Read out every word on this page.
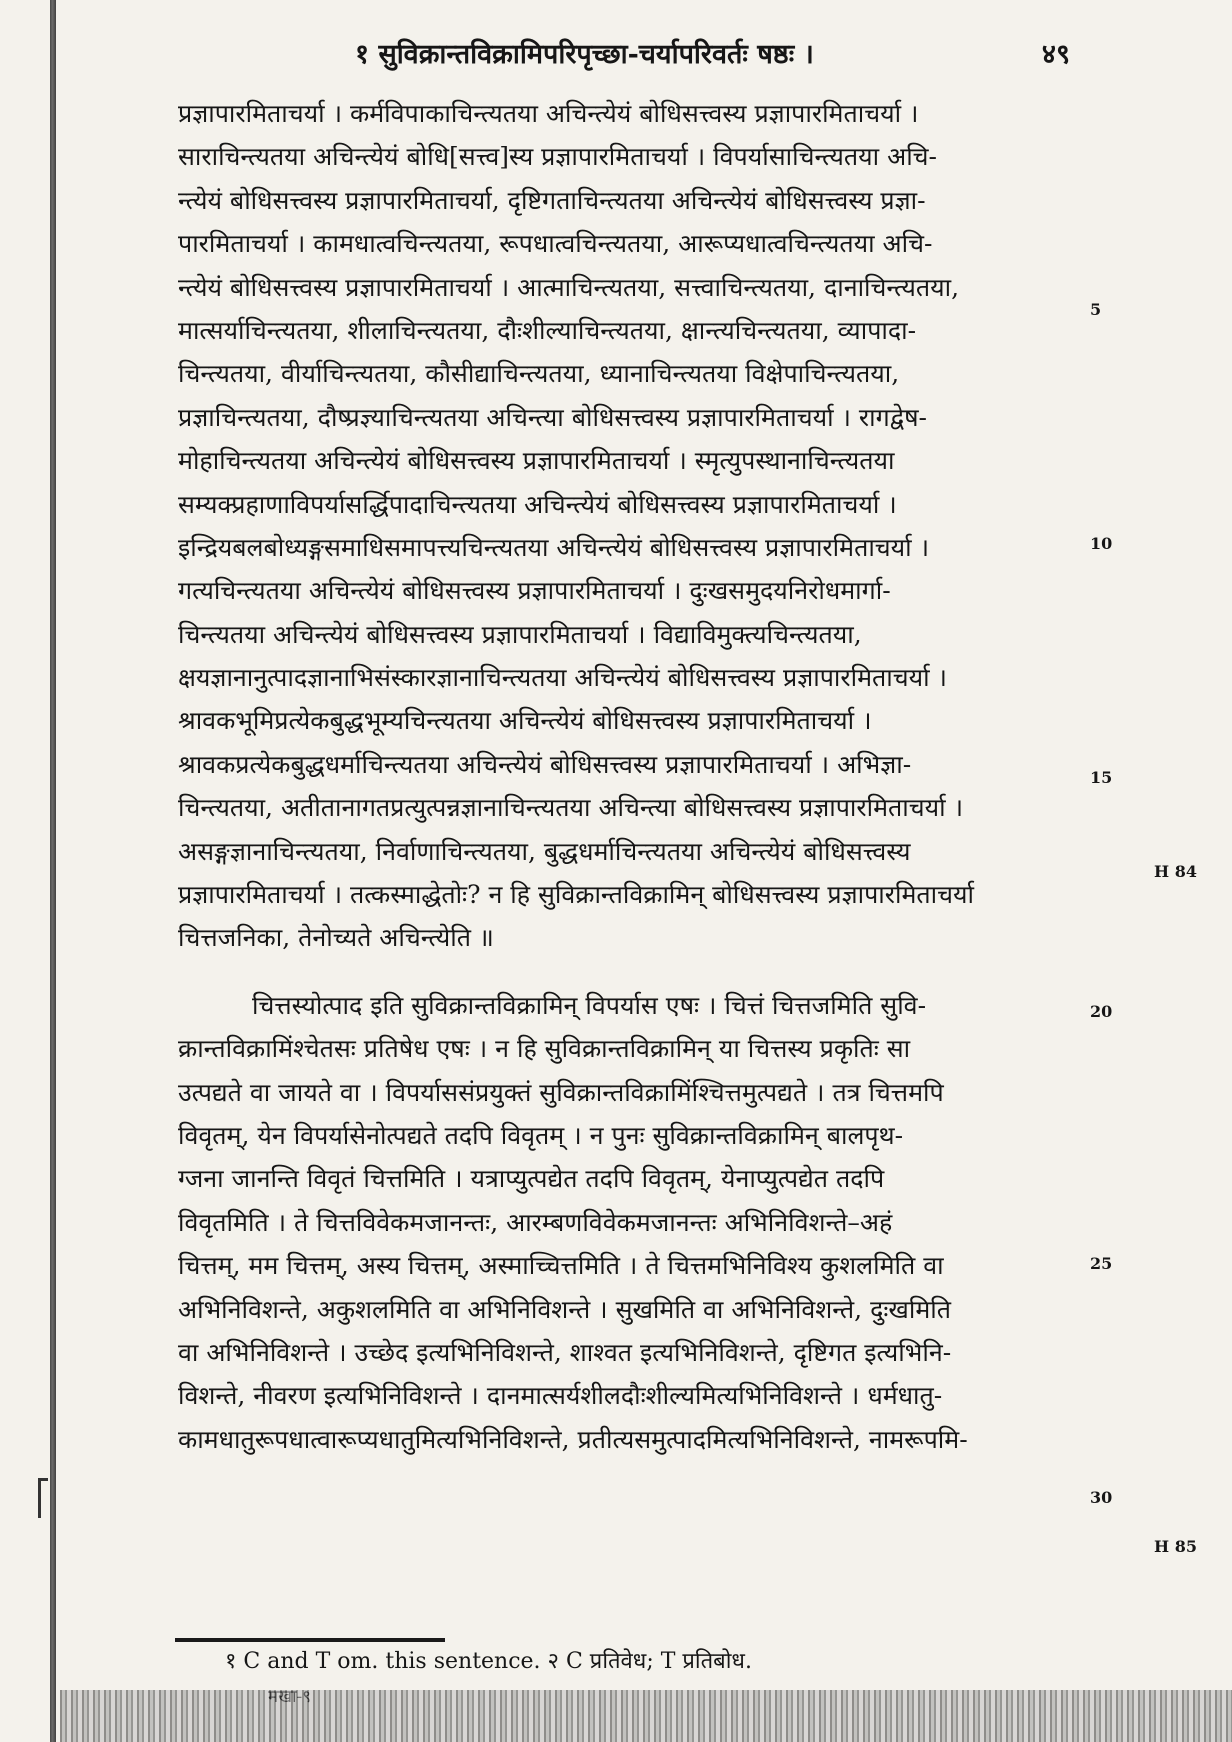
१ सुविक्रान्तविक्रामिपरिपृच्छा-चर्यापरिवर्तः षष्ठः ।	४९
प्रज्ञापारमिताचर्या । कर्मविपाकाचिन्त्यतया अचिन्त्येयं बोधिसत्त्वस्य प्रज्ञापारमिताचर्या ।
साराचिन्त्यतया अचिन्त्येयं बोधि[सत्त्व]स्य प्रज्ञापारमिताचर्या । विपर्यासाचिन्त्यतया अचि-
न्त्येयं बोधिसत्त्वस्य प्रज्ञापारमिताचर्या, दृष्टिगताचिन्त्यतया अचिन्त्येयं बोधिसत्त्वस्य प्रज्ञा-
पारमिताचर्या । कामधात्वचिन्त्यतया, रूपधात्वचिन्त्यतया, आरूप्यधात्वचिन्त्यतया अचि-
न्त्येयं बोधिसत्त्वस्य प्रज्ञापारमिताचर्या । आत्माचिन्त्यतया, सत्त्वाचिन्त्यतया, दानाचिन्त्यतया,
मात्सर्याचिन्त्यतया, शीलाचिन्त्यतया, दौःशील्याचिन्त्यतया, क्षान्त्यचिन्त्यतया, व्यापादा-
चिन्त्यतया, वीर्याचिन्त्यतया, कौसीद्याचिन्त्यतया, ध्यानाचिन्त्यतया विक्षेपाचिन्त्यतया,
प्रज्ञाचिन्त्यतया, दौष्प्रज्ञ्याचिन्त्यतया अचिन्त्या बोधिसत्त्वस्य प्रज्ञापारमिताचर्या । रागद्वेष-
मोहाचिन्त्यतया अचिन्त्येयं बोधिसत्त्वस्य प्रज्ञापारमिताचर्या । स्मृत्युपस्थानाचिन्त्यतया
सम्यक्प्रहाणाविपर्यासर्द्धिपादाचिन्त्यतया अचिन्त्येयं बोधिसत्त्वस्य प्रज्ञापारमिताचर्या ।
इन्द्रियबलबोध्यङ्गसमाधिसमापत्त्यचिन्त्यतया अचिन्त्येयं बोधिसत्त्वस्य प्रज्ञापारमिताचर्या ।
गत्यचिन्त्यतया अचिन्त्येयं बोधिसत्त्वस्य प्रज्ञापारमिताचर्या । दुःखसमुदयनिरोधमार्गा-
चिन्त्यतया अचिन्त्येयं बोधिसत्त्वस्य प्रज्ञापारमिताचर्या । विद्याविमुक्त्यचिन्त्यतया,
क्षयज्ञानानुत्पादज्ञानाभिसंस्कारज्ञानाचिन्त्यतया अचिन्त्येयं बोधिसत्त्वस्य प्रज्ञापारमिताचर्या ।
श्रावकभूमिप्रत्येकबुद्धभूम्यचिन्त्यतया अचिन्त्येयं बोधिसत्त्वस्य प्रज्ञापारमिताचर्या ।
श्रावकप्रत्येकबुद्धधर्माचिन्त्यतया अचिन्त्येयं बोधिसत्त्वस्य प्रज्ञापारमिताचर्या । अभिज्ञा-
चिन्त्यतया, अतीतानागतप्रत्युत्पन्नज्ञानाचिन्त्यतया अचिन्त्या बोधिसत्त्वस्य प्रज्ञापारमिताचर्या ।
असङ्गज्ञानाचिन्त्यतया, निर्वाणाचिन्त्यतया, बुद्धधर्माचिन्त्यतया अचिन्त्येयं बोधिसत्त्वस्य
प्रज्ञापारमिताचर्या । तत्कस्माद्धेतोः? न हि सुविक्रान्तविक्रामिन् बोधिसत्त्वस्य प्रज्ञापारमिताचर्या
चित्तजनिका, तेनोच्यते अचिन्त्येति ॥
चित्तस्योत्पाद इति सुविक्रान्तविक्रामिन् विपर्यास एषः । चित्तं चित्तजमिति सुवि-
क्रान्तविक्रामिंश्चेतसः प्रतिषेध एषः । न हि सुविक्रान्तविक्रामिन् या चित्तस्य प्रकृतिः सा
उत्पद्यते वा जायते वा । विपर्याससंप्रयुक्तं सुविक्रान्तविक्रामिंश्चित्तमुत्पद्यते । तत्र चित्तमपि
विवृतम्, येन विपर्यासेनोत्पद्यते तदपि विवृतम् । न पुनः सुविक्रान्तविक्रामिन् बालपृथ-
ग्जना जानन्ति विवृतं चित्तमिति । यत्राप्युत्पद्येत तदपि विवृतम्, येनाप्युत्पद्येत तदपि
विवृतमिति । ते चित्तविवेकमजानन्तः, आरम्बणविवेकमजानन्तः अभिनिविशन्ते–अहं
चित्तम्, मम चित्तम्, अस्य चित्तम्, अस्माच्चित्तमिति । ते चित्तमभिनिविश्य कुशलमिति वा
अभिनिविशन्ते, अकुशलमिति वा अभिनिविशन्ते । सुखमिति वा अभिनिविशन्ते, दुःखमिति
वा अभिनिविशन्ते । उच्छेद इत्यभिनिविशन्ते, शाश्वत इत्यभिनिविशन्ते, दृष्टिगत इत्यभिनि-
विशन्ते, नीवरण इत्यभिनिविशन्ते । दानमात्सर्यशीलदौःशील्यमित्यभिनिविशन्ते । धर्मधातु-
कामधातुरूपधात्वारूप्यधातुमित्यभिनिविशन्ते, प्रतीत्यसमुत्पादमित्यभिनिविशन्ते, नामरूपमि-
5
10
15
20
25
30
H 84
H 85
१ C and T om. this sentence. २ C प्रतिवेध; T प्रतिबोध.
